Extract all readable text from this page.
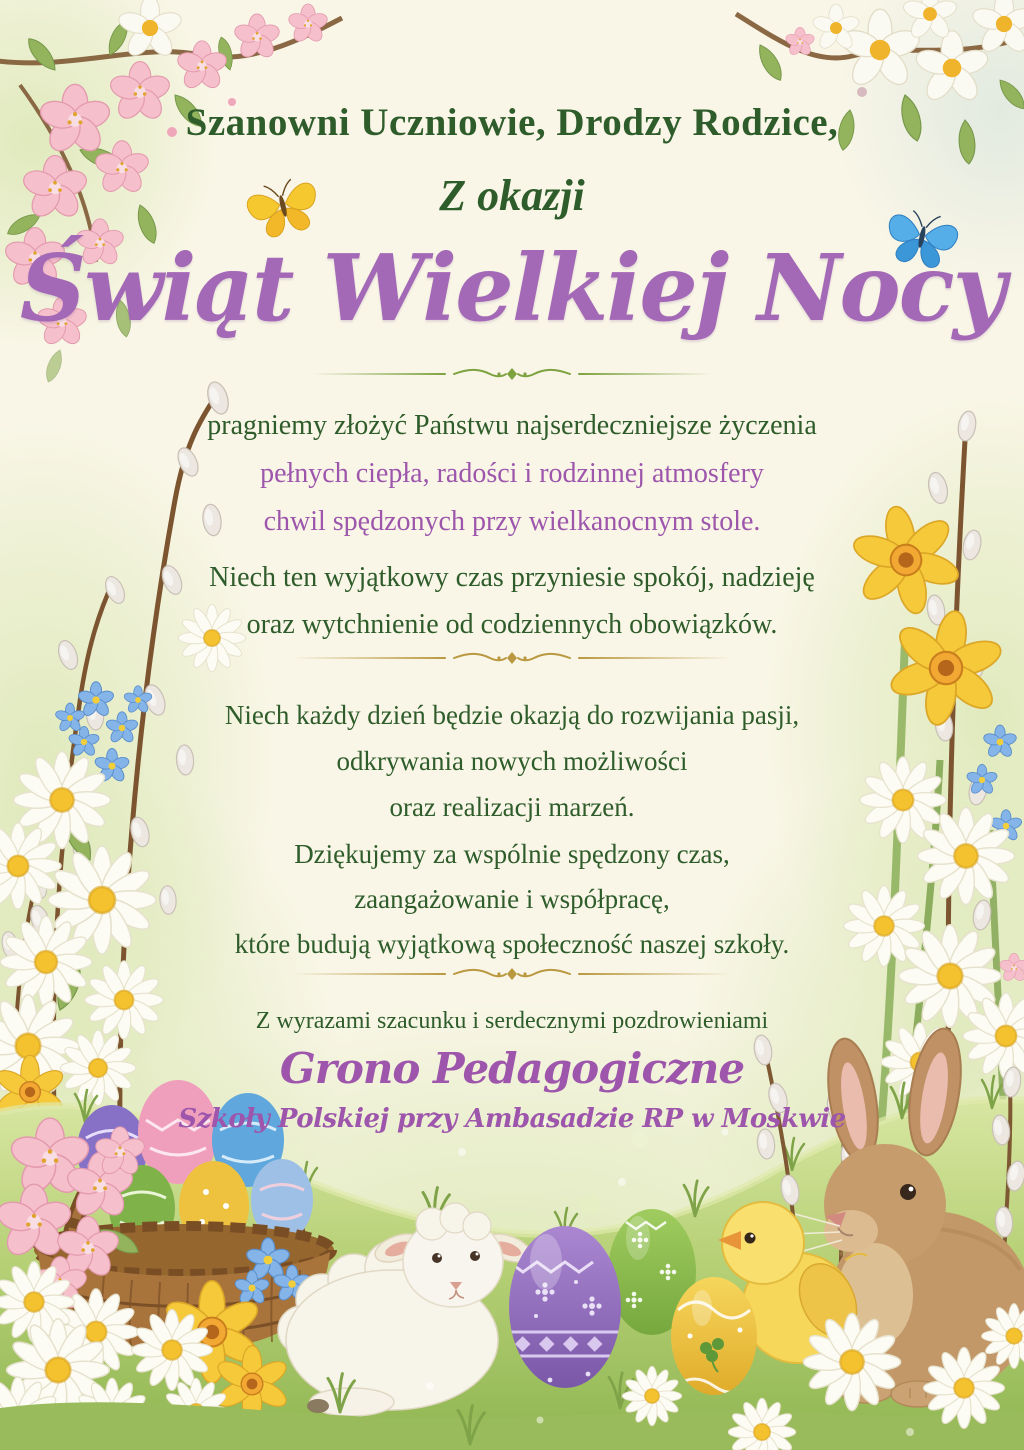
Szanowni Uczniowie, Drodzy Rodzice,
Z okazji
Świąt Wielkiej Nocy
pragniemy złożyć Państwu najserdeczniejsze życzenia
pełnych ciepła, radości i rodzinnej atmosfery
chwil spędzonych przy wielkanocnym stole.
Niech ten wyjątkowy czas przyniesie spokój, nadzieję
oraz wytchnienie od codziennych obowiązków.
Niech każdy dzień będzie okazją do rozwijania pasji,
odkrywania nowych możliwości
oraz realizacji marzeń.
Dziękujemy za wspólnie spędzony czas,
zaangażowanie i współpracę,
które budują wyjątkową społeczność naszej szkoły.
Z wyrazami szacunku i serdecznymi pozdrowieniami
Grono Pedagogiczne
Szkoły Polskiej przy Ambasadzie RP w Moskwie
